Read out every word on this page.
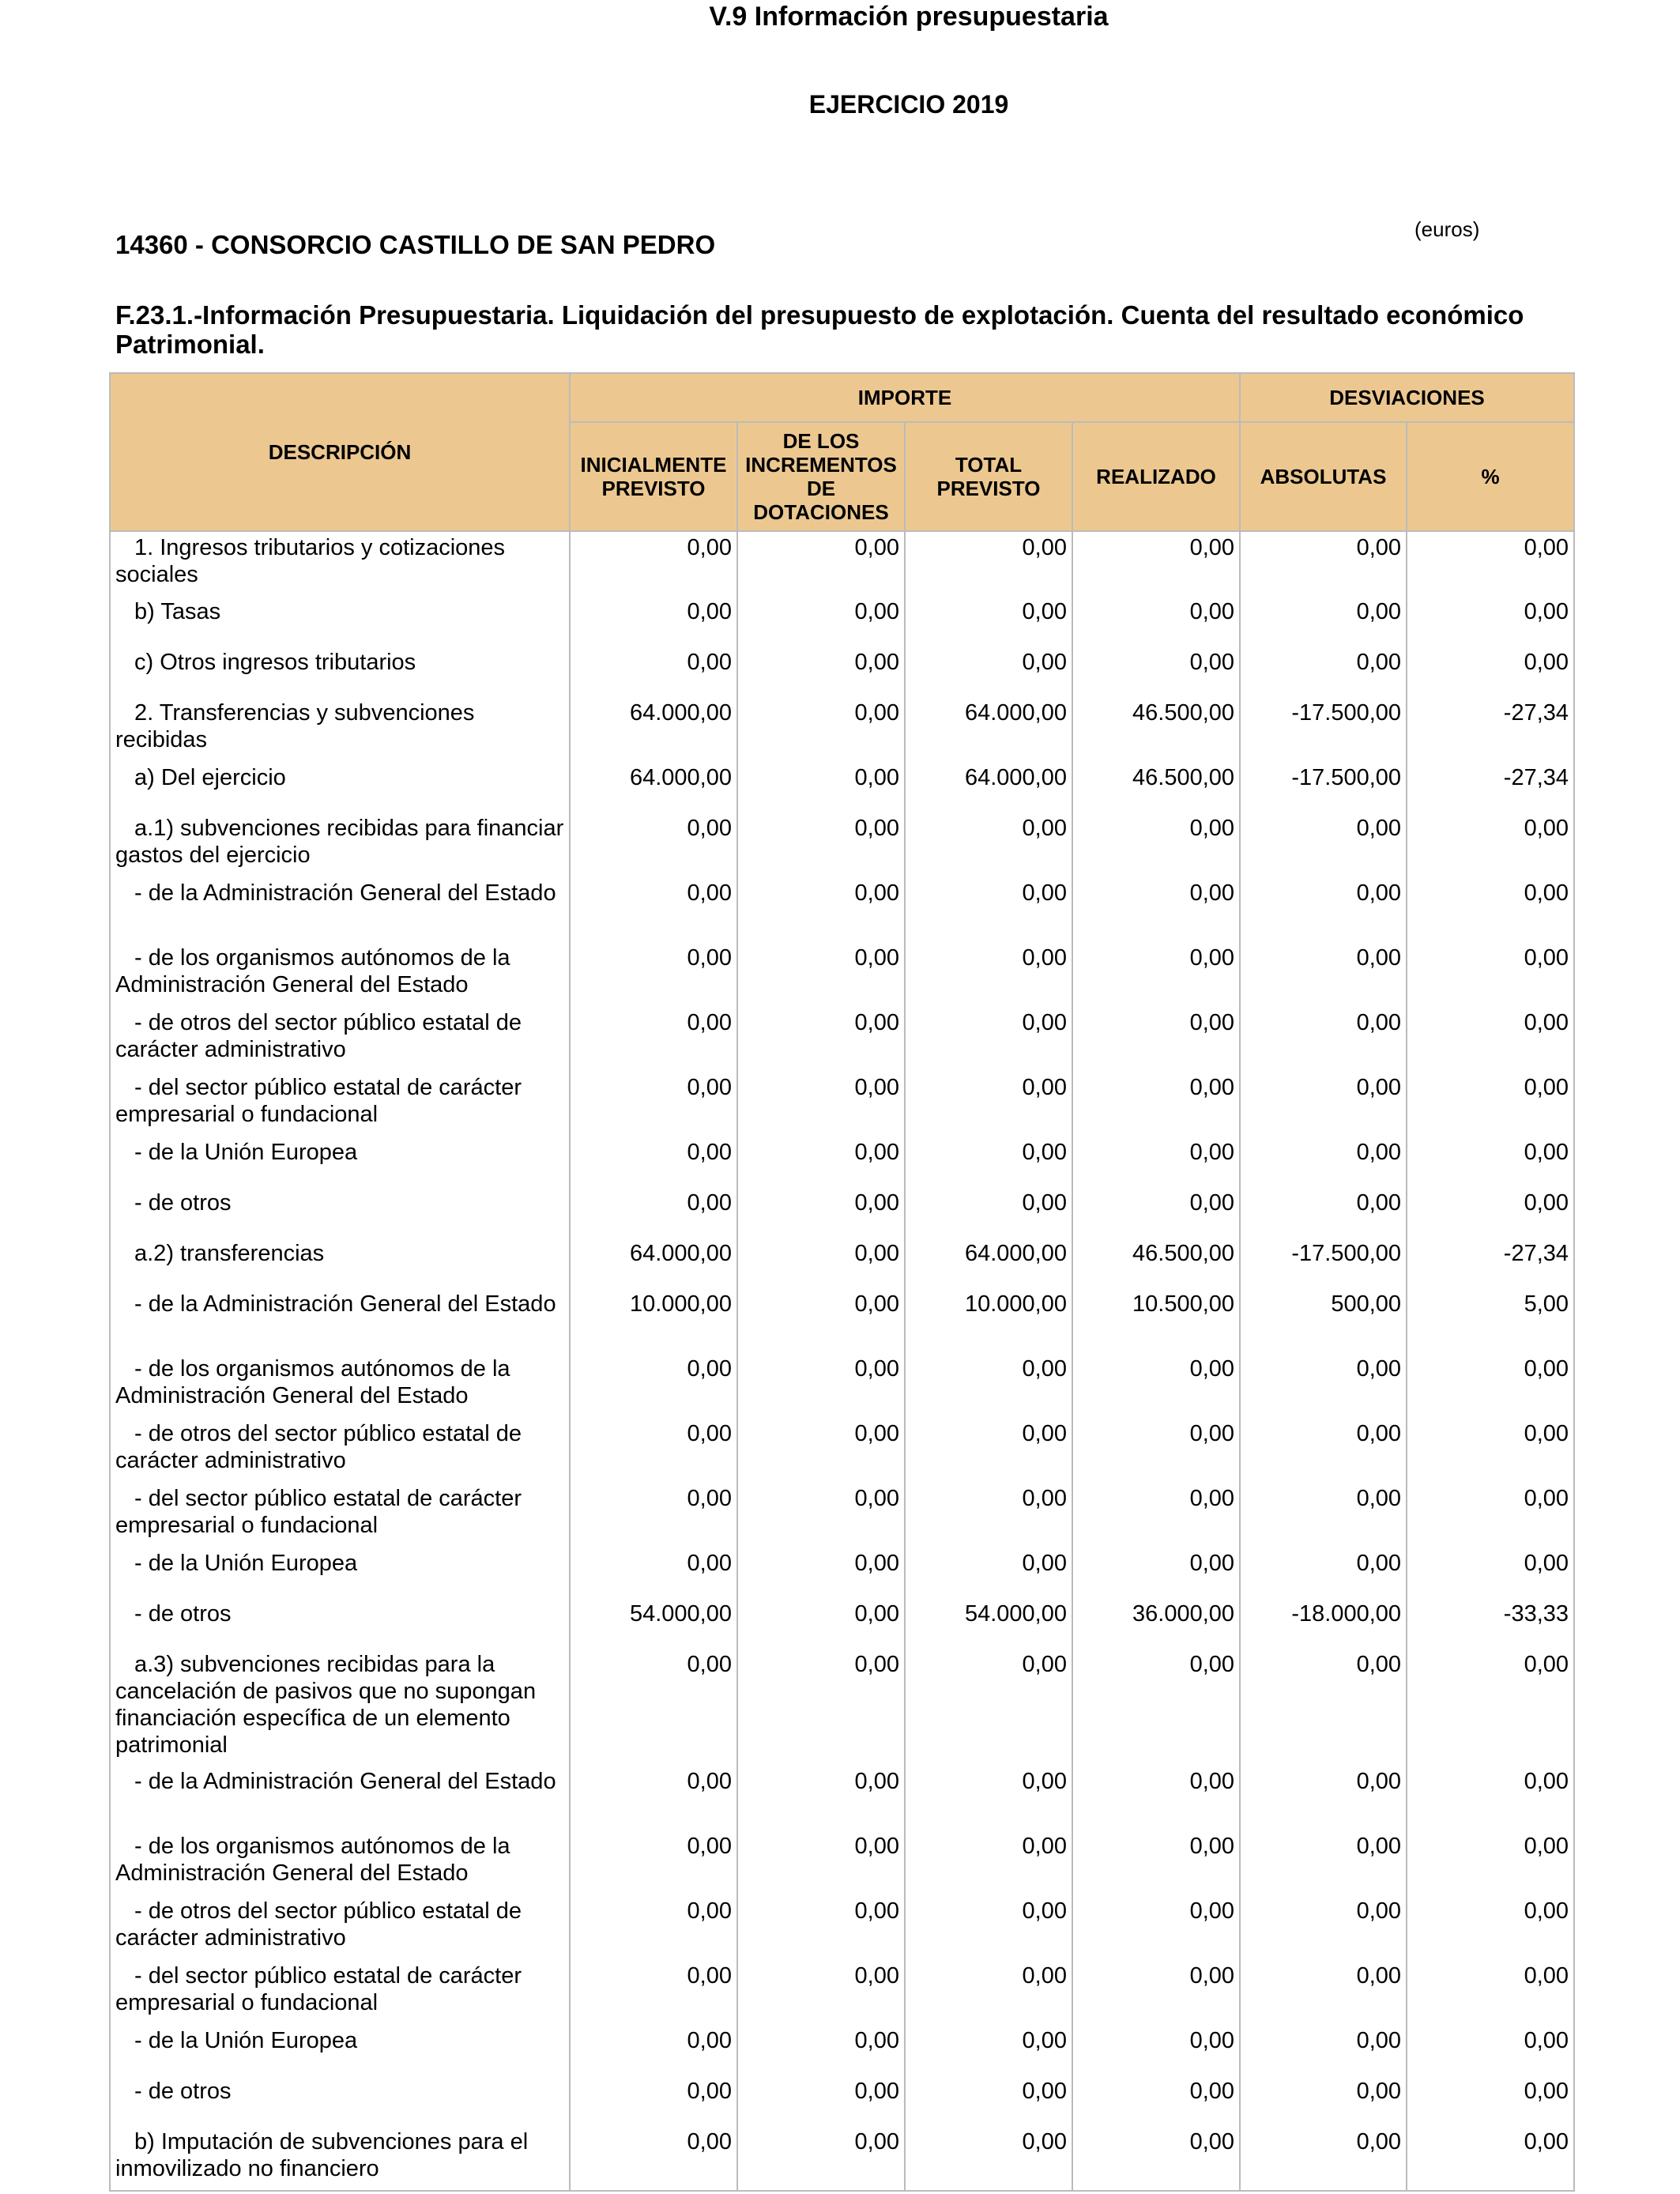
V.9 Información presupuestaria
EJERCICIO 2019
14360 - CONSORCIO CASTILLO DE SAN PEDRO
(euros)
F.23.1.-Información Presupuestaria. Liquidación del presupuesto de explotación. Cuenta del resultado económico Patrimonial.
DESCRIPCIÓN	IMPORTE				DESVIACIONES	
	INICIALMENTE PREVISTO	DE LOS INCREMENTOS DE DOTACIONES	TOTAL PREVISTO	REALIZADO	ABSOLUTAS	%

1. Ingresos tributarios y cotizaciones sociales	0,00	0,00	0,00	0,00	0,00	0,00

b) Tasas	0,00	0,00	0,00	0,00	0,00	0,00

c) Otros ingresos tributarios	0,00	0,00	0,00	0,00	0,00	0,00

2. Transferencias y subvenciones recibidas	64.000,00	0,00	64.000,00	46.500,00	-17.500,00	-27,34

a) Del ejercicio	64.000,00	0,00	64.000,00	46.500,00	-17.500,00	-27,34

a.1) subvenciones recibidas para financiar gastos del ejercicio	0,00	0,00	0,00	0,00	0,00	0,00

- de la Administración General del Estado	0,00	0,00	0,00	0,00	0,00	0,00

- de los organismos autónomos de la Administración General del Estado	0,00	0,00	0,00	0,00	0,00	0,00

- de otros del sector público estatal de carácter administrativo	0,00	0,00	0,00	0,00	0,00	0,00

- del sector público estatal de carácter empresarial o fundacional	0,00	0,00	0,00	0,00	0,00	0,00

- de la Unión Europea	0,00	0,00	0,00	0,00	0,00	0,00

- de otros	0,00	0,00	0,00	0,00	0,00	0,00

a.2) transferencias	64.000,00	0,00	64.000,00	46.500,00	-17.500,00	-27,34

- de la Administración General del Estado	10.000,00	0,00	10.000,00	10.500,00	500,00	5,00

- de los organismos autónomos de la Administración General del Estado	0,00	0,00	0,00	0,00	0,00	0,00

- de otros del sector público estatal de carácter administrativo	0,00	0,00	0,00	0,00	0,00	0,00

- del sector público estatal de carácter empresarial o fundacional	0,00	0,00	0,00	0,00	0,00	0,00

- de la Unión Europea	0,00	0,00	0,00	0,00	0,00	0,00

- de otros	54.000,00	0,00	54.000,00	36.000,00	-18.000,00	-33,33

a.3) subvenciones recibidas para la cancelación de pasivos que no supongan financiación específica de un elemento patrimonial	0,00	0,00	0,00	0,00	0,00	0,00

- de la Administración General del Estado	0,00	0,00	0,00	0,00	0,00	0,00

- de los organismos autónomos de la Administración General del Estado	0,00	0,00	0,00	0,00	0,00	0,00

- de otros del sector público estatal de carácter administrativo	0,00	0,00	0,00	0,00	0,00	0,00

- del sector público estatal de carácter empresarial o fundacional	0,00	0,00	0,00	0,00	0,00	0,00

- de la Unión Europea	0,00	0,00	0,00	0,00	0,00	0,00

- de otros	0,00	0,00	0,00	0,00	0,00	0,00

b) Imputación de subvenciones para el inmovilizado no financiero	0,00	0,00	0,00	0,00	0,00	0,00
